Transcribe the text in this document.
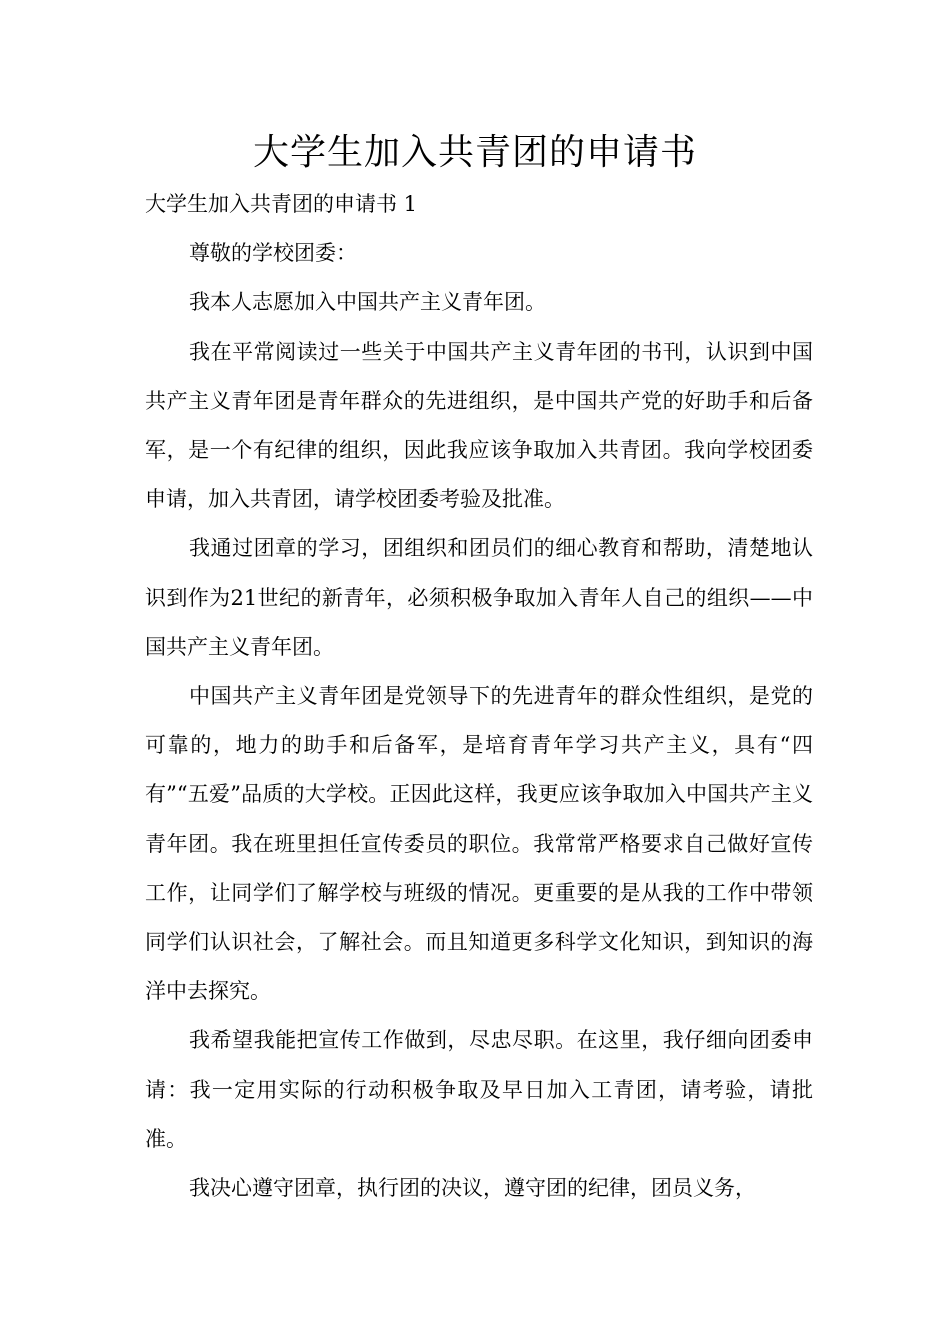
大学生加入共青团的申请书

大学生加入共青团的申请书 1

尊敬的学校团委：

我本人志愿加入中国共产主义青年团。

我在平常阅读过一些关于中国共产主义青年团的书刊，认识到中国共产主义青年团是青年群众的先进组织，是中国共产党的好助手和后备军，是一个有纪律的组织，因此我应该争取加入共青团。我向学校团委申请，加入共青团，请学校团委考验及批准。

我通过团章的学习，团组织和团员们的细心教育和帮助，清楚地认识到作为21世纪的新青年，必须积极争取加入青年人自己的组织——中国共产主义青年团。

中国共产主义青年团是党领导下的先进青年的群众性组织，是党的可靠的，地力的助手和后备军，是培育青年学习共产主义，具有“四有”“五爱”品质的大学校。正因此这样，我更应该争取加入中国共产主义青年团。我在班里担任宣传委员的职位。我常常严格要求自己做好宣传工作，让同学们了解学校与班级的情况。更重要的是从我的工作中带领同学们认识社会，了解社会。而且知道更多科学文化知识，到知识的海洋中去探究。

我希望我能把宣传工作做到，尽忠尽职。在这里，我仔细向团委申请：我一定用实际的行动积极争取及早日加入工青团，请考验，请批准。

我决心遵守团章，执行团的决议，遵守团的纪律，团员义务，
